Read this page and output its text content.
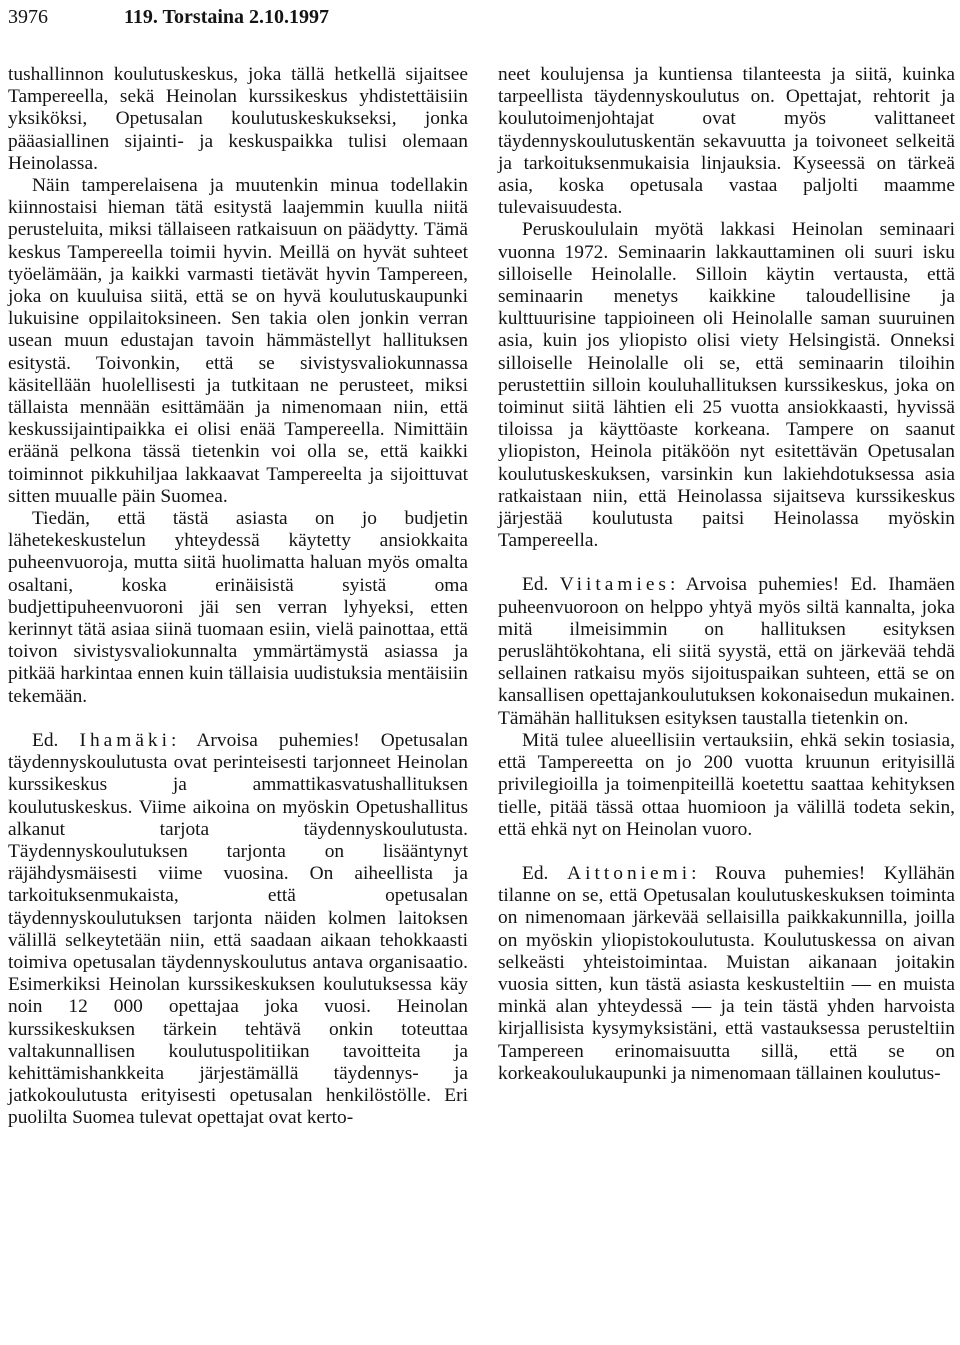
3976	119. Torstaina 2.10.1997

tushallinnon koulutuskeskus, joka tällä hetkellä sijaitsee Tampereella, sekä Heinolan kurssikeskus yhdistettäisiin yksiköksi, Opetusalan koulutuskeskukseksi, jonka pääasiallinen sijainti- ja keskuspaikka tulisi olemaan Heinolassa.

Näin tamperelaisena ja muutenkin minua todellakin kiinnostaisi hieman tätä esitystä laajemmin kuulla niitä perusteluita, miksi tällaiseen ratkaisuun on päädytty. Tämä keskus Tampereella toimii hyvin. Meillä on hyvät suhteet työelämään, ja kaikki varmasti tietävät hyvin Tampereen, joka on kuuluisa siitä, että se on hyvä koulutuskaupunki lukuisine oppilaitoksineen. Sen takia olen jonkin verran usean muun edustajan tavoin hämmästellyt hallituksen esitystä. Toivonkin, että se sivistysvaliokunnassa käsitellään huolellisesti ja tutkitaan ne perusteet, miksi tällaista mennään esittämään ja nimenomaan niin, että keskussijaintipaikka ei olisi enää Tampereella. Nimittäin eräänä pelkona tässä tietenkin voi olla se, että kaikki toiminnot pikkuhiljaa lakkaavat Tampereelta ja sijoittuvat sitten muualle päin Suomea.

Tiedän, että tästä asiasta on jo budjetin lähetekeskustelun yhteydessä käytetty ansiokkaita puheenvuoroja, mutta siitä huolimatta haluan myös omalta osaltani, koska erinäisistä syistä oma budjettipuheenvuoroni jäi sen verran lyhyeksi, etten kerinnyt tätä asiaa siinä tuomaan esiin, vielä painottaa, että toivon sivistysvaliokunnalta ymmärtämystä asiassa ja pitkää harkintaa ennen kuin tällaisia uudistuksia mentäisiin tekemään.

Ed. Ihamäki: Arvoisa puhemies! Opetusalan täydennyskoulutusta ovat perinteisesti tarjonneet Heinolan kurssikeskus ja ammattikasvatushallituksen koulutuskeskus. Viime aikoina on myöskin Opetushallitus alkanut tarjota täydennyskoulutusta. Täydennyskoulutuksen tarjonta on lisääntynyt räjähdysmäisesti viime vuosina. On aiheellista ja tarkoituksenmukaista, että opetusalan täydennyskoulutuksen tarjonta näiden kolmen laitoksen välillä selkeytetään niin, että saadaan aikaan tehokkaasti toimiva opetusalan täydennyskoulutus antava organisaatio. Esimerkiksi Heinolan kurssikeskuksen koulutuksessa käy noin 12 000 opettajaa joka vuosi. Heinolan kurssikeskuksen tärkein tehtävä onkin toteuttaa valtakunnallisen koulutuspolitiikan tavoitteita ja kehittämishankkeita järjestämällä täydennys- ja jatkokoulutusta erityisesti opetusalan henkilöstölle. Eri puolilta Suomea tulevat opettajat ovat kerto-

neet koulujensa ja kuntiensa tilanteesta ja siitä, kuinka tarpeellista täydennyskoulutus on. Opettajat, rehtorit ja koulutoimenjohtajat ovat myös valittaneet täydennyskoulutuskentän sekavuutta ja toivoneet selkeitä ja tarkoituksenmukaisia linjauksia. Kyseessä on tärkeä asia, koska opetusala vastaa paljolti maamme tulevaisuudesta.

Peruskoululain myötä lakkasi Heinolan seminaari vuonna 1972. Seminaarin lakkauttaminen oli suuri isku silloiselle Heinolalle. Silloin käytin vertausta, että seminaarin menetys kaikkine taloudellisine ja kulttuurisine tappioineen oli Heinolalle saman suuruinen asia, kuin jos yliopisto olisi viety Helsingistä. Onneksi silloiselle Heinolalle oli se, että seminaarin tiloihin perustettiin silloin kouluhallituksen kurssikeskus, joka on toiminut siitä lähtien eli 25 vuotta ansiokkaasti, hyvissä tiloissa ja käyttöaste korkeana. Tampere on saanut yliopiston, Heinola pitäköön nyt esitettävän Opetusalan koulutuskeskuksen, varsinkin kun lakiehdotuksessa asia ratkaistaan niin, että Heinolassa sijaitseva kurssikeskus järjestää koulutusta paitsi Heinolassa myöskin Tampereella.

Ed. Viitamies: Arvoisa puhemies! Ed. Ihamäen puheenvuoroon on helppo yhtyä myös siltä kannalta, joka mitä ilmeisimmin on hallituksen esityksen peruslähtökohtana, eli siitä syystä, että on järkevää tehdä sellainen ratkaisu myös sijoituspaikan suhteen, että se on kansallisen opettajankoulutuksen kokonaisedun mukainen. Tämähän hallituksen esityksen taustalla tietenkin on.

Mitä tulee alueellisiin vertauksiin, ehkä sekin tosiasia, että Tampereetta on jo 200 vuotta kruunun erityisillä privilegioilla ja toimenpiteillä koetettu saattaa kehityksen tielle, pitää tässä ottaa huomioon ja välillä todeta sekin, että ehkä nyt on Heinolan vuoro.

Ed. Aittoniemi: Rouva puhemies! Kyllähän tilanne on se, että Opetusalan koulutuskeskuksen toiminta on nimenomaan järkevää sellaisilla paikkakunnilla, joilla on myöskin yliopistokoulutusta. Koulutuskessa on aivan selkeästi yhteistoimintaa. Muistan aikanaan joitakin vuosia sitten, kun tästä asiasta keskusteltiin — en muista minkä alan yhteydessä — ja tein tästä yhden harvoista kirjallisista kysymyksistäni, että vastauksessa perusteltiin Tampereen erinomaisuutta sillä, että se on korkeakoulukaupunki ja nimenomaan tällainen koulutus-
